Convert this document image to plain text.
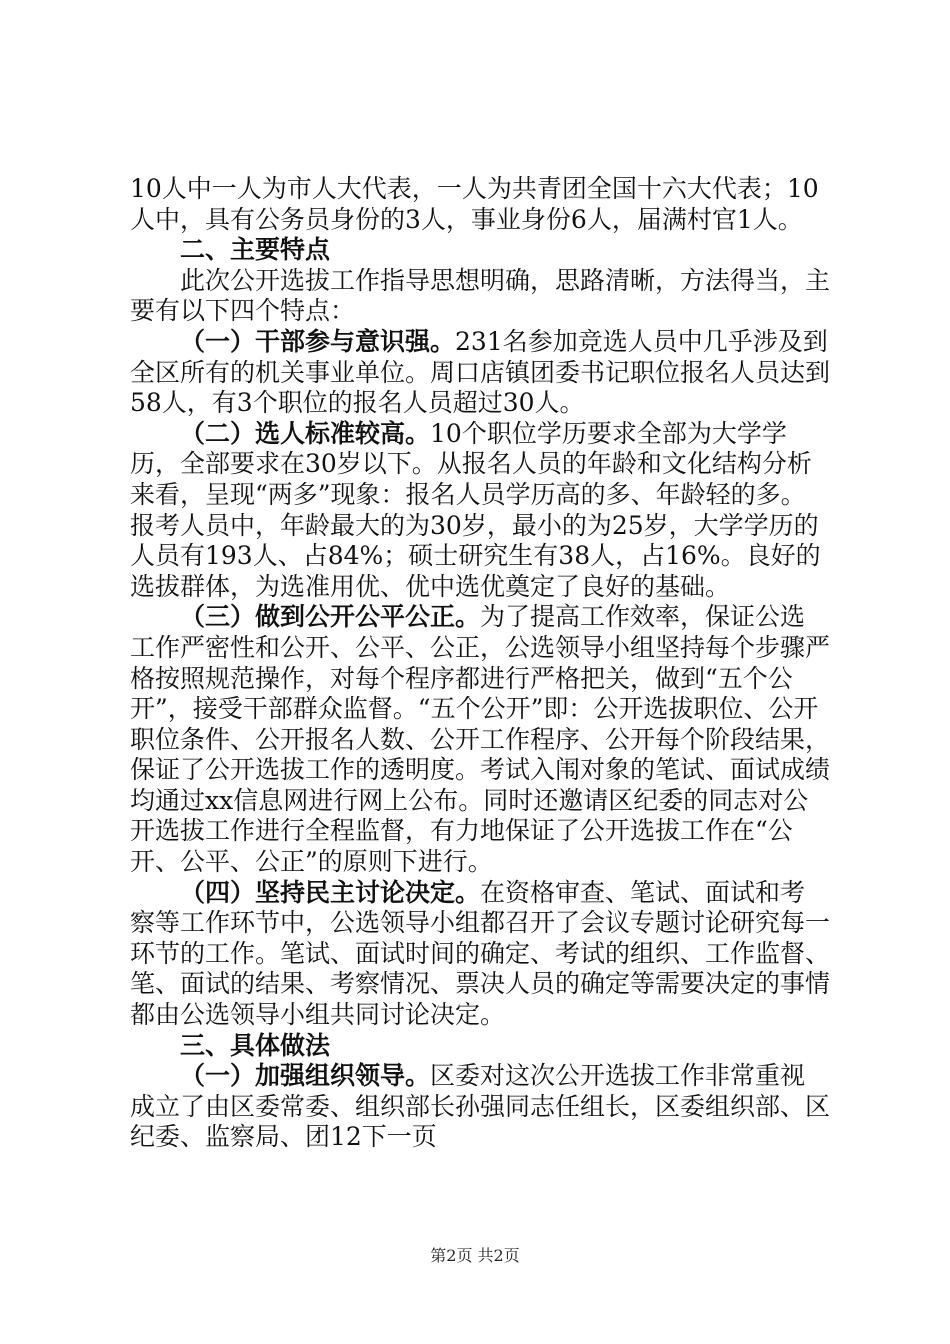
10人中一人为市人大代表，一人为共青团全国十六大代表；10人中，具有公务员身份的3人，事业身份6人，届满村官1人。

二、主要特点

此次公开选拔工作指导思想明确，思路清晰，方法得当，主要有以下四个特点：

（一）干部参与意识强。231名参加竞选人员中几乎涉及到全区所有的机关事业单位。周口店镇团委书记职位报名人员达到58人，有3个职位的报名人员超过30人。

（二）选人标准较高。10个职位学历要求全部为大学学历，全部要求在30岁以下。从报名人员的年龄和文化结构分析来看，呈现“两多”现象：报名人员学历高的多、年龄轻的多。报考人员中，年龄最大的为30岁，最小的为25岁，大学学历的人员有193人、占84%；硕士研究生有38人，占16%。良好的选拔群体，为选准用优、优中选优奠定了良好的基础。

（三）做到公开公平公正。为了提高工作效率，保证公选工作严密性和公开、公平、公正，公选领导小组坚持每个步骤严格按照规范操作，对每个程序都进行严格把关，做到“五个公开”，接受干部群众监督。“五个公开”即：公开选拔职位、公开职位条件、公开报名人数、公开工作程序、公开每个阶段结果，保证了公开选拔工作的透明度。考试入闱对象的笔试、面试成绩均通过xx信息网进行网上公布。同时还邀请区纪委的同志对公开选拔工作进行全程监督，有力地保证了公开选拔工作在“公开、公平、公正”的原则下进行。

（四）坚持民主讨论决定。在资格审查、笔试、面试和考察等工作环节中，公选领导小组都召开了会议专题讨论研究每一环节的工作。笔试、面试时间的确定、考试的组织、工作监督、笔、面试的结果、考察情况、票决人员的确定等需要决定的事情都由公选领导小组共同讨论决定。

三、具体做法

（一）加强组织领导。区委对这次公开选拔工作非常重视成立了由区委常委、组织部长孙强同志任组长，区委组织部、区纪委、监察局、团12下一页

第2页 共2页
